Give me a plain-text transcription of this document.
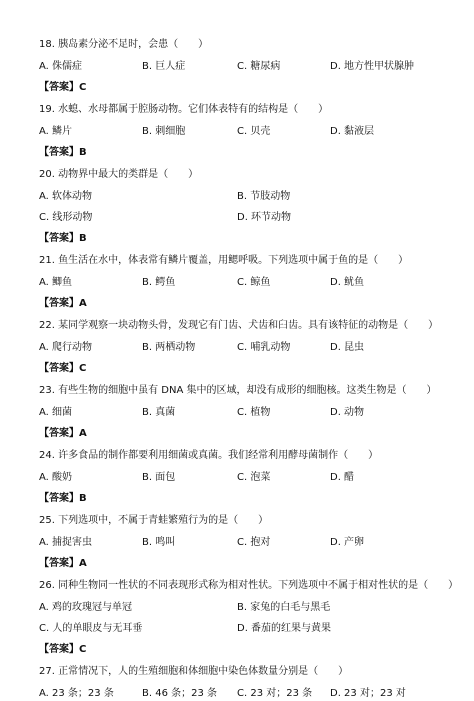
18. 胰岛素分泌不足时，会患（　　）
A. 侏儒症	B. 巨人症	C. 糖尿病	D. 地方性甲状腺肿
【答案】C
19. 水螅、水母都属于腔肠动物。它们体表特有的结构是（　　）
A. 鳞片	B. 刺细胞	C. 贝壳	D. 黏液层
【答案】B
20. 动物界中最大的类群是（　　）
A. 软体动物	B. 节肢动物
C. 线形动物	D. 环节动物
【答案】B
21. 鱼生活在水中，体表常有鳞片覆盖，用鳃呼吸。下列选项中属于鱼的是（　　）
A. 鲫鱼	B. 鳄鱼	C. 鲸鱼	D. 鱿鱼
【答案】A
22. 某同学观察一块动物头骨，发现它有门齿、犬齿和臼齿。具有该特征的动物是（　　）
A. 爬行动物	B. 两栖动物	C. 哺乳动物	D. 昆虫
【答案】C
23. 有些生物的细胞中虽有 DNA 集中的区域，却没有成形的细胞核。这类生物是（　　）
A. 细菌	B. 真菌	C. 植物	D. 动物
【答案】A
24. 许多食品的制作都要利用细菌或真菌。我们经常利用酵母菌制作（　　）
A. 酸奶	B. 面包	C. 泡菜	D. 醋
【答案】B
25. 下列选项中，不属于青蛙繁殖行为的是（　　）
A. 捕捉害虫	B. 鸣叫	C. 抱对	D. 产卵
【答案】A
26. 同种生物同一性状的不同表现形式称为相对性状。下列选项中不属于相对性状的是（　　）
A. 鸡的玫瑰冠与单冠	B. 家兔的白毛与黑毛
C. 人的单眼皮与无耳垂	D. 番茄的红果与黄果
【答案】C
27. 正常情况下，人的生殖细胞和体细胞中染色体数量分别是（　　）
A. 23 条；23 条	B. 46 条；23 条 C. 23 对；23 条 D. 23 对；23 对
